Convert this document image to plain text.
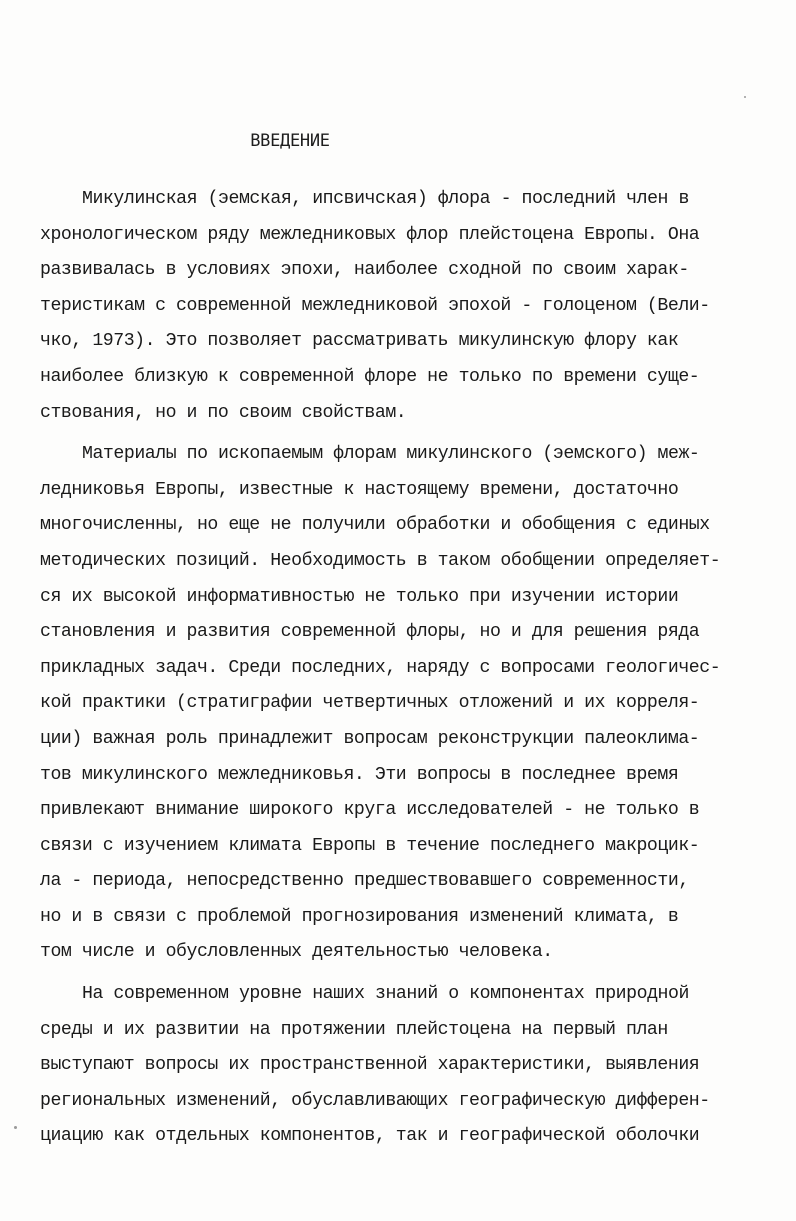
ВВЕДЕНИЕ
Микулинская (эемская, ипсвичская) флора - последний член в
хронологическом ряду межледниковых флор плейстоцена Европы. Она
развивалась в условиях эпохи, наиболее сходной по своим харак-
теристикам с современной межледниковой эпохой - голоценом (Вели-
чко, 1973). Это позволяет рассматривать микулинскую флору как
наиболее близкую к современной флоре не только по времени суще-
ствования, но и по своим свойствам.
Материалы по ископаемым флорам микулинского (эемского) меж-
ледниковья Европы, известные к настоящему времени, достаточно
многочисленны, но еще не получили обработки и обобщения с единых
методических позиций. Необходимость в таком обобщении определяет-
ся их высокой информативностью не только при изучении истории
становления и развития современной флоры, но и для решения ряда
прикладных задач. Среди последних, наряду с вопросами геологичес-
кой практики (стратиграфии четвертичных отложений и их корреля-
ции) важная роль принадлежит вопросам реконструкции палеоклима-
тов микулинского межледниковья. Эти вопросы в последнее время
привлекают внимание широкого круга исследователей - не только в
связи с изучением климата Европы в течение последнего макроцик-
ла - периода, непосредственно предшествовавшего современности,
но и в связи с проблемой прогнозирования изменений климата, в
том числе и обусловленных деятельностью человека.
На современном уровне наших знаний о компонентах природной
среды и их развитии на протяжении плейстоцена на первый план
выступают вопросы их пространственной характеристики, выявления
региональных изменений, обуславливающих географическую дифферен-
циацию как отдельных компонентов, так и географической оболочки
